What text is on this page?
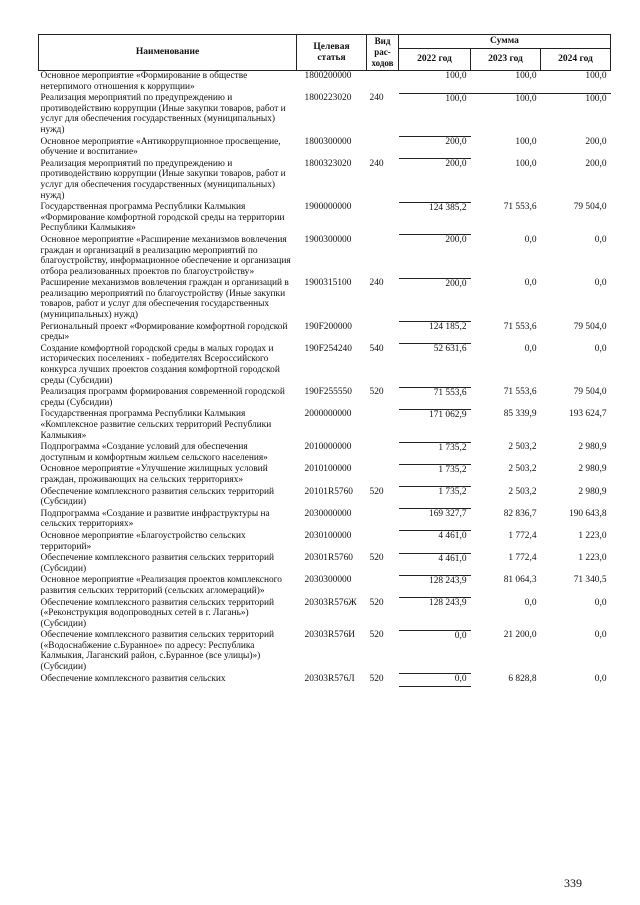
Наименование	Целевая статья	Вид рас-ходов	Сумма		
			2022 год	2023 год	2024 год
Основное мероприятие «Формирование в обществе нетерпимого отношения к коррупции»	1800200000		100,0	100,0	100,0
Реализация мероприятий по предупреждению и противодействию коррупции (Иные закупки товаров, работ и услуг для обеспечения государственных (муниципальных) нужд)	1800223020	240	100,0	100,0	100,0
Основное мероприятие «Антикоррупционное просвещение, обучение и воспитание»	1800300000		200,0	100,0	200,0
Реализация мероприятий по предупреждению и противодействию коррупции (Иные закупки товаров, работ и услуг для обеспечения государственных (муниципальных) нужд)	1800323020	240	200,0	100,0	200,0
Государственная программа Республики Калмыкия «Формирование комфортной городской среды на территории Республики Калмыкия»	1900000000		124 385,2	71 553,6	79 504,0
Основное мероприятие «Расширение механизмов вовлечения граждан и организаций в реализацию мероприятий по благоустройству, информационное обеспечение и организация отбора реализованных проектов по благоустройству»	1900300000		200,0	0,0	0,0
Расширение механизмов вовлечения граждан и организаций в реализацию мероприятий по благоустройству (Иные закупки товаров, работ и услуг для обеспечения государственных (муниципальных) нужд)	1900315100	240	200,0	0,0	0,0
Региональный проект «Формирование комфортной городской среды»	190F200000		124 185,2	71 553,6	79 504,0
Создание комфортной городской среды в малых городах и исторических поселениях - победителях Всероссийского конкурса лучших проектов создания комфортной городской среды (Субсидии)	190F254240	540	52 631,6	0,0	0,0
Реализация программ формирования современной городской среды (Субсидии)	190F255550	520	71 553,6	71 553,6	79 504,0
Государственная программа Республики Калмыкия «Комплексное развитие сельских территорий Республики Калмыкия»	2000000000		171 062,9	85 339,9	193 624,7
Подпрограмма «Создание условий для обеспечения доступным и комфортным жильем сельского населения»	2010000000		1 735,2	2 503,2	2 980,9
Основное мероприятие «Улучшение жилищных условий граждан, проживающих на сельских территориях»	2010100000		1 735,2	2 503,2	2 980,9
Обеспечение комплексного развития сельских территорий (Субсидии)	20101R5760	520	1 735,2	2 503,2	2 980,9
Подпрограмма «Создание и развитие инфраструктуры на сельских территориях»	2030000000		169 327,7	82 836,7	190 643,8
Основное мероприятие «Благоустройство сельских территорий»	2030100000		4 461,0	1 772,4	1 223,0
Обеспечение комплексного развития сельских территорий (Субсидии)	20301R5760	520	4 461,0	1 772,4	1 223,0
Основное мероприятие «Реализация проектов комплексного развития сельских территорий (сельских агломераций)»	2030300000		128 243,9	81 064,3	71 340,5
Обеспечение комплексного развития сельских территорий («Реконструкция водопроводных сетей в г. Лагань») (Субсидии)	20303R576Ж	520	128 243,9	0,0	0,0
Обеспечение комплексного развития сельских территорий («Водоснабжение с.Буранное» по адресу: Республика Калмыкия, Лаганский район, с.Буранное (все улицы)») (Субсидии)	20303R576И	520	0,0	21 200,0	0,0
Обеспечение комплексного развития сельских	20303R576Л	520	0,0	6 828,8	0,0
339
